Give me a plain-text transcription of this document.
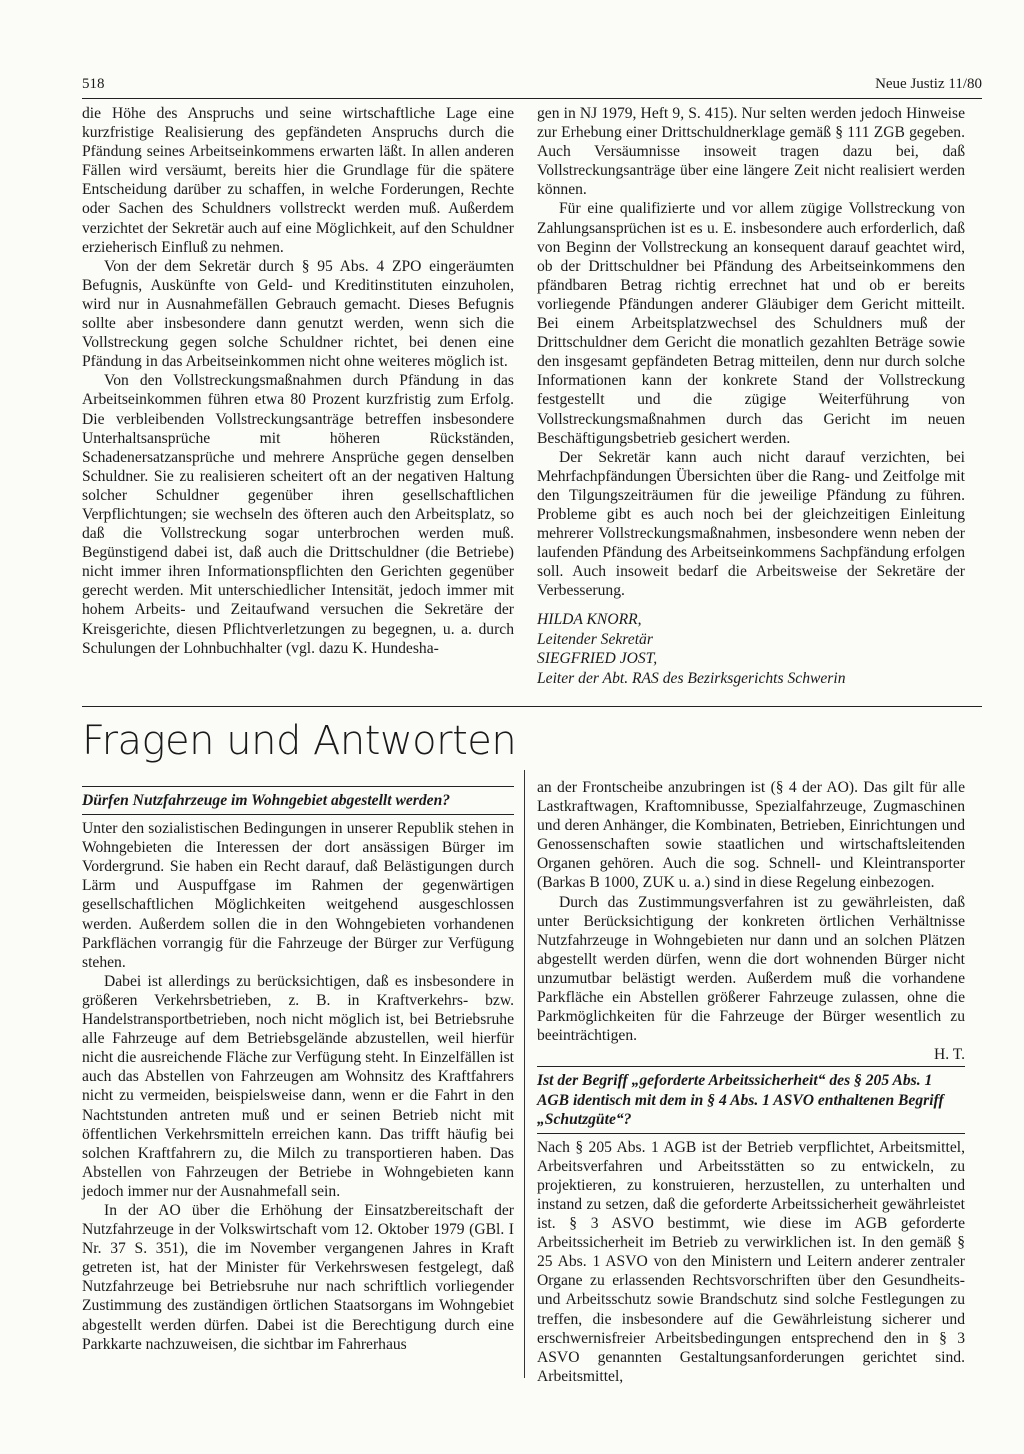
518	Neue Justiz 11/80

die Höhe des Anspruchs und seine wirtschaftliche Lage eine kurzfristige Realisierung des gepfändeten Anspruchs durch die Pfändung seines Arbeitseinkommens erwarten läßt. In allen anderen Fällen wird versäumt, bereits hier die Grundlage für die spätere Entscheidung darüber zu schaffen, in welche Forderungen, Rechte oder Sachen des Schuldners vollstreckt werden muß. Außerdem verzichtet der Sekretär auch auf eine Möglichkeit, auf den Schuldner erzieherisch Einfluß zu nehmen.

Von der dem Sekretär durch § 95 Abs. 4 ZPO eingeräumten Befugnis, Auskünfte von Geld- und Kreditinstituten einzuholen, wird nur in Ausnahmefällen Gebrauch gemacht. Dieses Befugnis sollte aber insbesondere dann genutzt werden, wenn sich die Vollstreckung gegen solche Schuldner richtet, bei denen eine Pfändung in das Arbeitseinkommen nicht ohne weiteres möglich ist.

Von den Vollstreckungsmaßnahmen durch Pfändung in das Arbeitseinkommen führen etwa 80 Prozent kurzfristig zum Erfolg. Die verbleibenden Vollstreckungsanträge betreffen insbesondere Unterhaltsansprüche mit höheren Rückständen, Schadenersatzansprüche und mehrere Ansprüche gegen denselben Schuldner. Sie zu realisieren scheitert oft an der negativen Haltung solcher Schuldner gegenüber ihren gesellschaftlichen Verpflichtungen; sie wechseln des öfteren auch den Arbeitsplatz, so daß die Vollstreckung sogar unterbrochen werden muß. Begünstigend dabei ist, daß auch die Drittschuldner (die Betriebe) nicht immer ihren Informationspflichten den Gerichten gegenüber gerecht werden. Mit unterschiedlicher Intensität, jedoch immer mit hohem Arbeits- und Zeitaufwand versuchen die Sekretäre der Kreisgerichte, diesen Pflichtverletzungen zu begegnen, u. a. durch Schulungen der Lohnbuchhalter (vgl. dazu K. Hundesha-

gen in NJ 1979, Heft 9, S. 415). Nur selten werden jedoch Hinweise zur Erhebung einer Drittschuldnerklage gemäß § 111 ZGB gegeben. Auch Versäumnisse insoweit tragen dazu bei, daß Vollstreckungsanträge über eine längere Zeit nicht realisiert werden können.

Für eine qualifizierte und vor allem zügige Vollstreckung von Zahlungsansprüchen ist es u. E. insbesondere auch erforderlich, daß von Beginn der Vollstreckung an konsequent darauf geachtet wird, ob der Drittschuldner bei Pfändung des Arbeitseinkommens den pfändbaren Betrag richtig errechnet hat und ob er bereits vorliegende Pfändungen anderer Gläubiger dem Gericht mitteilt. Bei einem Arbeitsplatzwechsel des Schuldners muß der Drittschuldner dem Gericht die monatlich gezahlten Beträge sowie den insgesamt gepfändeten Betrag mitteilen, denn nur durch solche Informationen kann der konkrete Stand der Vollstreckung festgestellt und die zügige Weiterführung von Vollstreckungsmaßnahmen durch das Gericht im neuen Beschäftigungsbetrieb gesichert werden.

Der Sekretär kann auch nicht darauf verzichten, bei Mehrfachpfändungen Übersichten über die Rang- und Zeitfolge mit den Tilgungszeiträumen für die jeweilige Pfändung zu führen. Probleme gibt es auch noch bei der gleichzeitigen Einleitung mehrerer Vollstreckungsmaßnahmen, insbesondere wenn neben der laufenden Pfändung des Arbeitseinkommens Sachpfändung erfolgen soll. Auch insoweit bedarf die Arbeitsweise der Sekretäre der Verbesserung.

HILDA KNORR,
Leitender Sekretär
SIEGFRIED JOST,
Leiter der Abt. RAS des Bezirksgerichts Schwerin
Fragen und Antworten

Dürfen Nutzfahrzeuge im Wohngebiet abgestellt werden?

Unter den sozialistischen Bedingungen in unserer Republik stehen in Wohngebieten die Interessen der dort ansässigen Bürger im Vordergrund. Sie haben ein Recht darauf, daß Belästigungen durch Lärm und Auspuffgase im Rahmen der gegenwärtigen gesellschaftlichen Möglichkeiten weitgehend ausgeschlossen werden. Außerdem sollen die in den Wohngebieten vorhandenen Parkflächen vorrangig für die Fahrzeuge der Bürger zur Verfügung stehen.

Dabei ist allerdings zu berücksichtigen, daß es insbesondere in größeren Verkehrsbetrieben, z. B. in Kraftverkehrs- bzw. Handelstransportbetrieben, noch nicht möglich ist, bei Betriebsruhe alle Fahrzeuge auf dem Betriebsgelände abzustellen, weil hierfür nicht die ausreichende Fläche zur Verfügung steht. In Einzelfällen ist auch das Abstellen von Fahrzeugen am Wohnsitz des Kraftfahrers nicht zu vermeiden, beispielsweise dann, wenn er die Fahrt in den Nachtstunden antreten muß und er seinen Betrieb nicht mit öffentlichen Verkehrsmitteln erreichen kann. Das trifft häufig bei solchen Kraftfahrern zu, die Milch zu transportieren haben. Das Abstellen von Fahrzeugen der Betriebe in Wohngebieten kann jedoch immer nur der Ausnahmefall sein.

In der AO über die Erhöhung der Einsatzbereitschaft der Nutzfahrzeuge in der Volkswirtschaft vom 12. Oktober 1979 (GBl. I Nr. 37 S. 351), die im November vergangenen Jahres in Kraft getreten ist, hat der Minister für Verkehrswesen festgelegt, daß Nutzfahrzeuge bei Betriebsruhe nur nach schriftlich vorliegender Zustimmung des zuständigen örtlichen Staatsorgans im Wohngebiet abgestellt werden dürfen. Dabei ist die Berechtigung durch eine Parkkarte nachzuweisen, die sichtbar im Fahrerhaus

an der Frontscheibe anzubringen ist (§ 4 der AO). Das gilt für alle Lastkraftwagen, Kraftomnibusse, Spezialfahrzeuge, Zugmaschinen und deren Anhänger, die Kombinaten, Betrieben, Einrichtungen und Genossenschaften sowie staatlichen und wirtschaftsleitenden Organen gehören. Auch die sog. Schnell- und Kleintransporter (Barkas B 1000, ZUK u. a.) sind in diese Regelung einbezogen.

Durch das Zustimmungsverfahren ist zu gewährleisten, daß unter Berücksichtigung der konkreten örtlichen Verhältnisse Nutzfahrzeuge in Wohngebieten nur dann und an solchen Plätzen abgestellt werden dürfen, wenn die dort wohnenden Bürger nicht unzumutbar belästigt werden. Außerdem muß die vorhandene Parkfläche ein Abstellen größerer Fahrzeuge zulassen, ohne die Parkmöglichkeiten für die Fahrzeuge der Bürger wesentlich zu beeinträchtigen.

H. T.

Ist der Begriff „geforderte Arbeitssicherheit“ des § 205 Abs. 1 AGB identisch mit dem in § 4 Abs. 1 ASVO enthaltenen Begriff „Schutzgüte“?

Nach § 205 Abs. 1 AGB ist der Betrieb verpflichtet, Arbeitsmittel, Arbeitsverfahren und Arbeitsstätten so zu entwickeln, zu projektieren, zu konstruieren, herzustellen, zu unterhalten und instand zu setzen, daß die geforderte Arbeitssicherheit gewährleistet ist. § 3 ASVO bestimmt, wie diese im AGB geforderte Arbeitssicherheit im Betrieb zu verwirklichen ist. In den gemäß § 25 Abs. 1 ASVO von den Ministern und Leitern anderer zentraler Organe zu erlassenden Rechtsvorschriften über den Gesundheits- und Arbeitsschutz sowie Brandschutz sind solche Festlegungen zu treffen, die insbesondere auf die Gewährleistung sicherer und erschwernisfreier Arbeitsbedingungen entsprechend den in § 3 ASVO genannten Gestaltungsanforderungen gerichtet sind. Arbeitsmittel,
